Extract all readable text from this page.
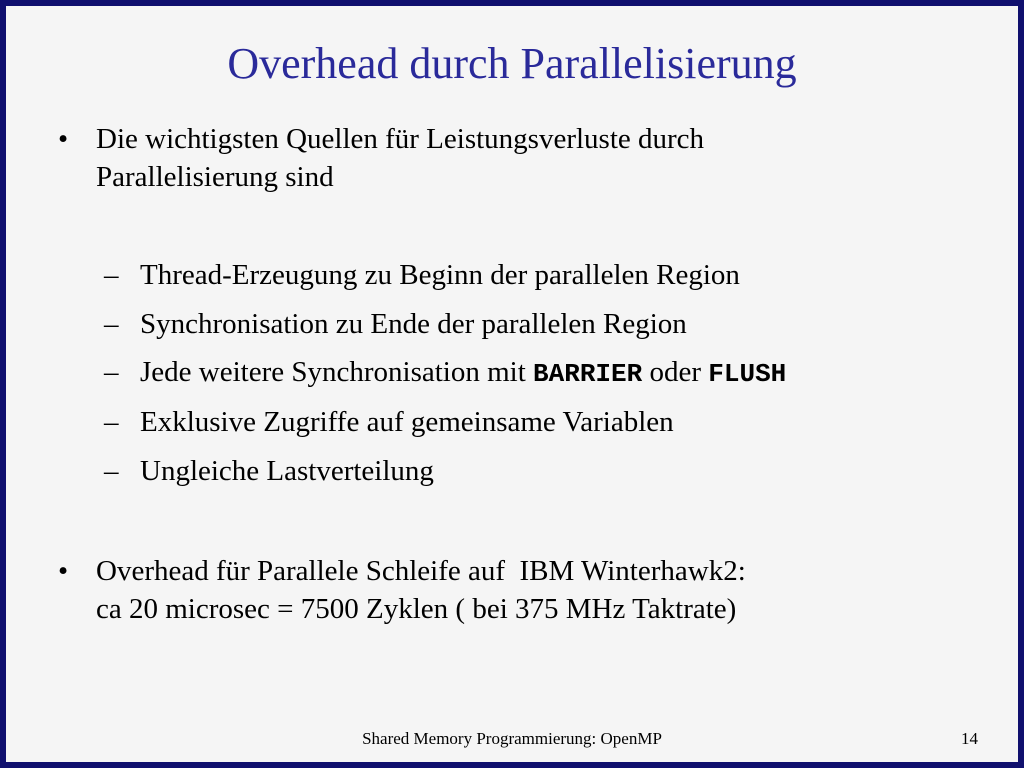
Overhead durch Parallelisierung
• Die wichtigsten Quellen für Leistungsverluste durch
Parallelisierung sind
– Thread-Erzeugung zu Beginn der parallelen Region
– Synchronisation zu Ende der parallelen Region
– Jede weitere Synchronisation mit BARRIER oder FLUSH
– Exklusive Zugriffe auf gemeinsame Variablen
– Ungleiche Lastverteilung
• Overhead für Parallele Schleife auf  IBM Winterhawk2:
ca 20 microsec = 7500 Zyklen ( bei 375 MHz Taktrate)
Shared Memory Programmierung: OpenMP	14
